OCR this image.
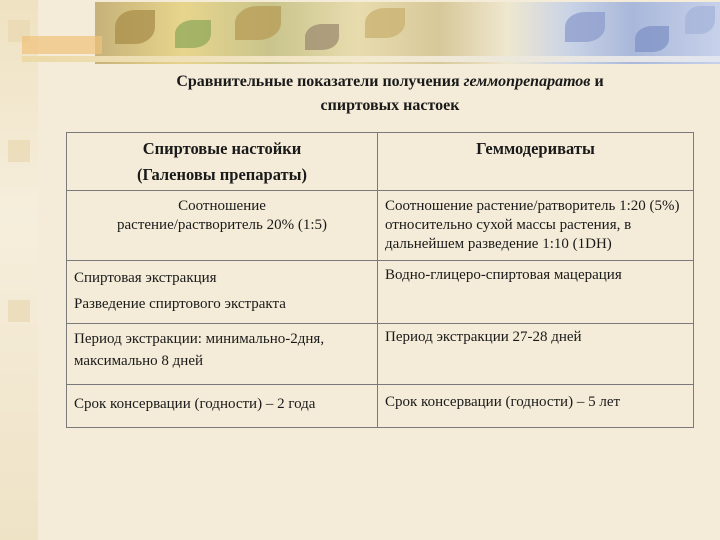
Сравнительные показатели получения геммопрепаратов и
спиртовых настоек
Спиртовые настойки
(Галеновы препараты)	Геммодериваты
Соотношение
растение/растворитель 20% (1:5)	Соотношение растение/ратворитель 1:20 (5%) относительно сухой массы растения, в дальнейшем разведение 1:10 (1DH)
Спиртовая экстракция
Разведение спиртового экстракта	Водно-глицеро-спиртовая мацерация
Период экстракции: минимально-2дня, максимально 8 дней	Период экстракции 27-28 дней
Срок консервации (годности) – 2 года	Срок консервации (годности) – 5 лет
